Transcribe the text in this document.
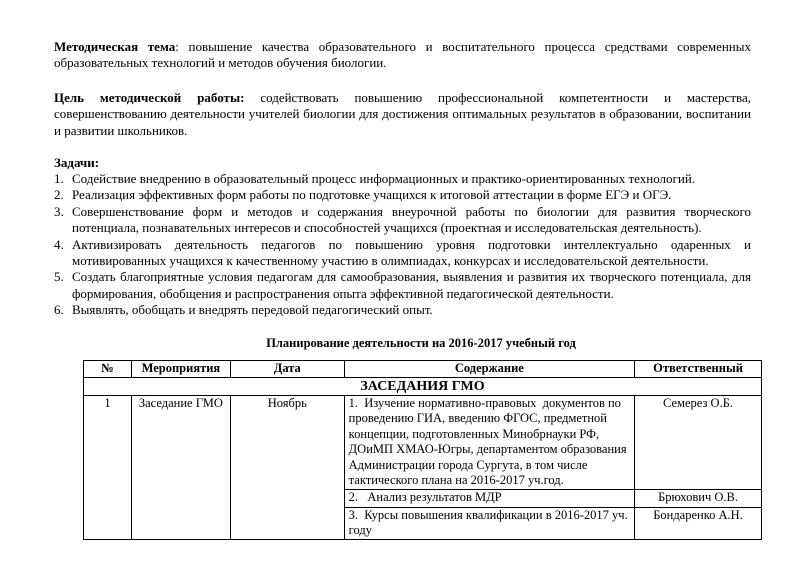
Методическая тема: повышение качества образовательного и воспитательного процесса средствами современных образовательных технологий и методов обучения биологии.

Цель методической работы: содействовать повышению профессиональной компетентности и мастерства, совершенствованию деятельности учителей биологии для достижения оптимальных результатов в образовании, воспитании и развитии школьников.

Задачи:

1. Содействие внедрению в образовательный процесс информационных и практико-ориентированных технологий.
2. Реализация эффективных форм работы по подготовке учащихся к итоговой аттестации в форме ЕГЭ и ОГЭ.
3. Совершенствование форм и методов и содержания внеурочной работы по биологии для развития творческого потенциала, познавательных интересов и способностей учащихся (проектная и исследовательская деятельность).
4. Активизировать деятельность педагогов по повышению уровня подготовки интеллектуально одаренных и мотивированных учащихся к качественному участию в олимпиадах, конкурсах и исследовательской деятельности.
5. Создать благоприятные условия педагогам для самообразования, выявления и развития их творческого потенциала, для формирования, обобщения и распространения опыта эффективной педагогической деятельности.
6. Выявлять, обобщать и внедрять передовой педагогический опыт.
Планирование деятельности на 2016-2017 учебный год
№	Мероприятия	Дата	Содержание	Ответственный
ЗАСЕДАНИЯ ГМО				
1	Заседание ГМО	Ноябрь	1.  Изучение нормативно-правовых  документов по проведению ГИА, введению ФГОС, предметной концепции, подготовленных Минобрнауки РФ, ДОиМП ХМАО-Югры, департаментом образования Администрации города Сургута, в том числе тактического плана на 2016-2017 уч.год.	Семерез О.Б.
			2.   Анализ результатов МДР	Брюхович О.В.
			3.  Курсы повышения квалификации в 2016-2017 уч. году	Бондаренко А.Н.
